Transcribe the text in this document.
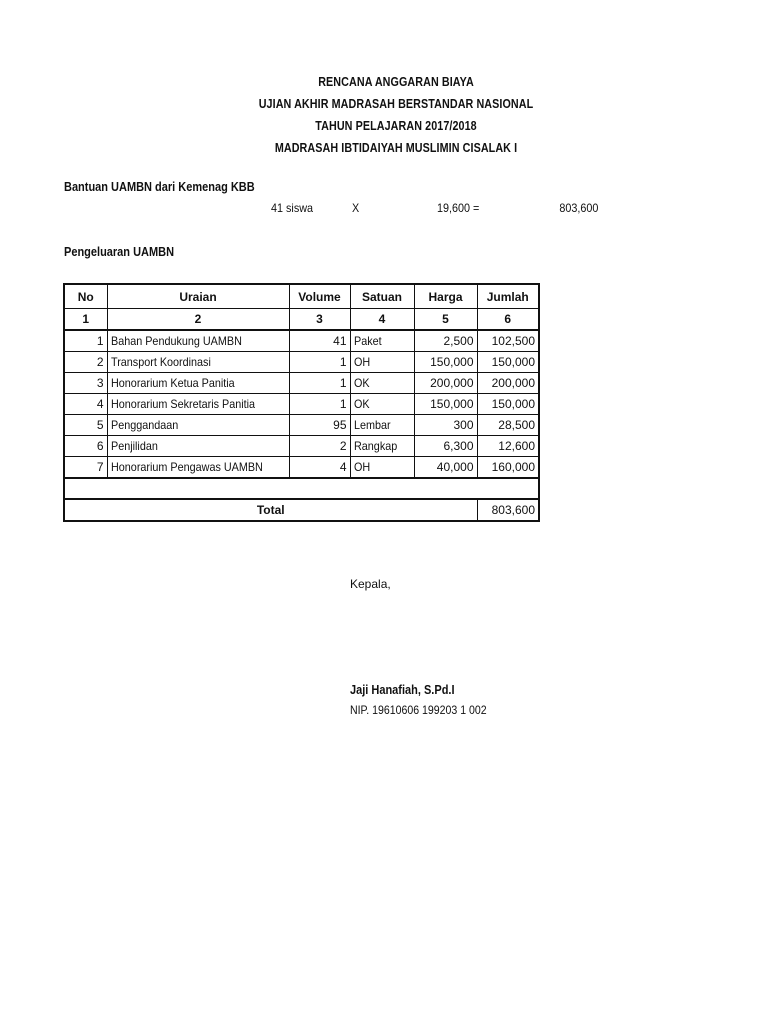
RENCANA ANGGARAN BIAYA
UJIAN AKHIR MADRASAH BERSTANDAR NASIONAL
TAHUN PELAJARAN 2017/2018
MADRASAH IBTIDAIYAH MUSLIMIN CISALAK I
Bantuan UAMBN dari Kemenag KBB
41 siswa	X	19,600 =	803,600
Pengeluaran UAMBN
No	Uraian	Volume	Satuan	Harga	Jumlah
1	2	3	4	5	6
1	Bahan Pendukung UAMBN	41	Paket	2,500	102,500
2	Transport Koordinasi	1	OH	150,000	150,000
3	Honorarium Ketua Panitia	1	OK	200,000	200,000
4	Honorarium Sekretaris Panitia	1	OK	150,000	150,000
5	Penggandaan	95	Lembar	300	28,500
6	Penjilidan	2	Rangkap	6,300	12,600
7	Honorarium Pengawas UAMBN	4	OH	40,000	160,000

Total					803,600
Kepala,
Jaji Hanafiah, S.Pd.I
NIP. 19610606 199203 1 002
